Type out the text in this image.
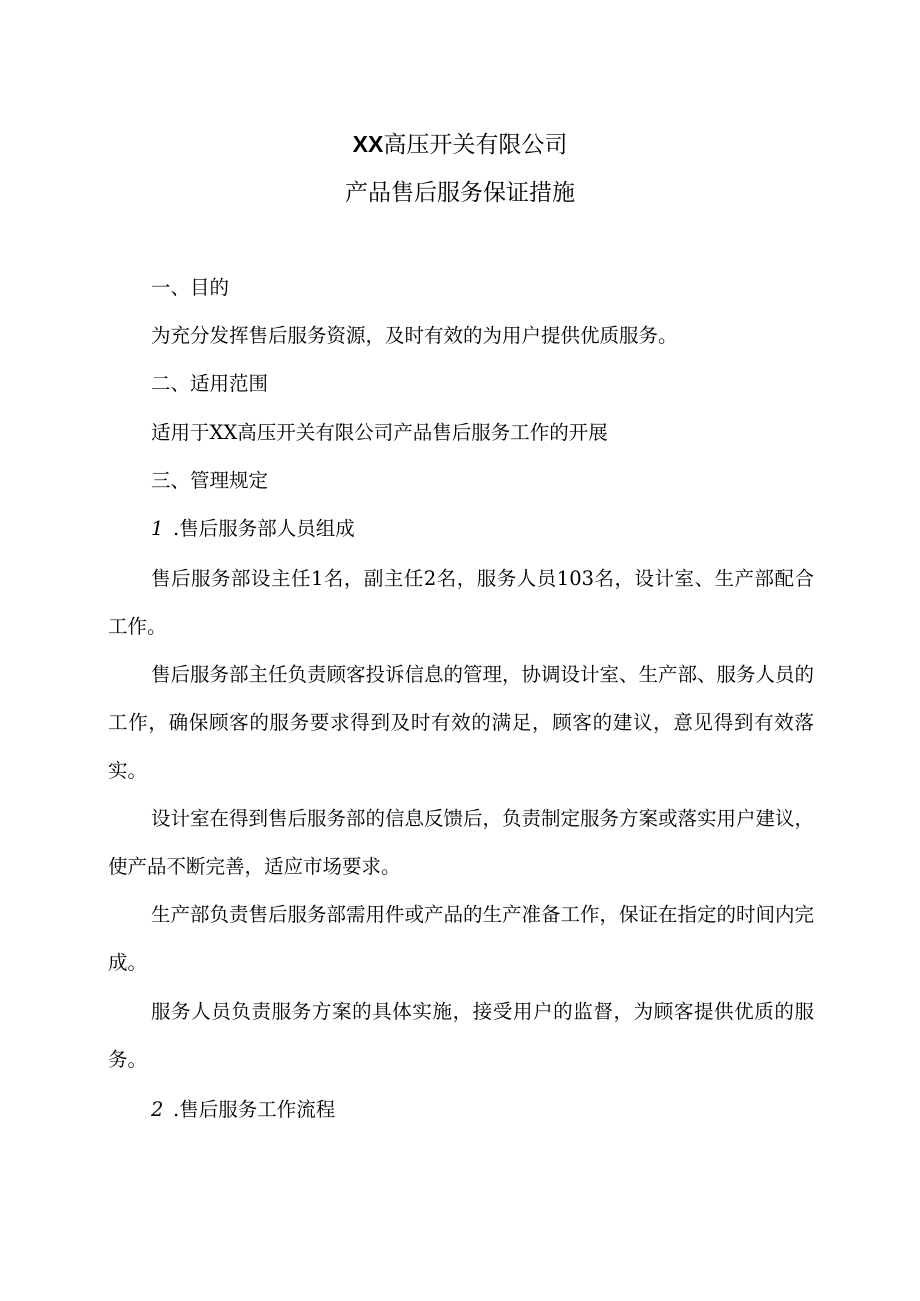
XX高压开关有限公司
产品售后服务保证措施
一、目的
为充分发挥售后服务资源，及时有效的为用户提供优质服务。
二、适用范围
适用于XX高压开关有限公司产品售后服务工作的开展
三、管理规定
1 .售后服务部人员组成
售后服务部设主任1名，副主任2名，服务人员103名，设计室、生产部配合工作。
售后服务部主任负责顾客投诉信息的管理，协调设计室、生产部、服务人员的工作，确保顾客的服务要求得到及时有效的满足，顾客的建议，意见得到有效落实。
设计室在得到售后服务部的信息反馈后，负责制定服务方案或落实用户建议，使产品不断完善，适应市场要求。
生产部负责售后服务部需用件或产品的生产准备工作，保证在指定的时间内完成。
服务人员负责服务方案的具体实施，接受用户的监督，为顾客提供优质的服务。
2 .售后服务工作流程
